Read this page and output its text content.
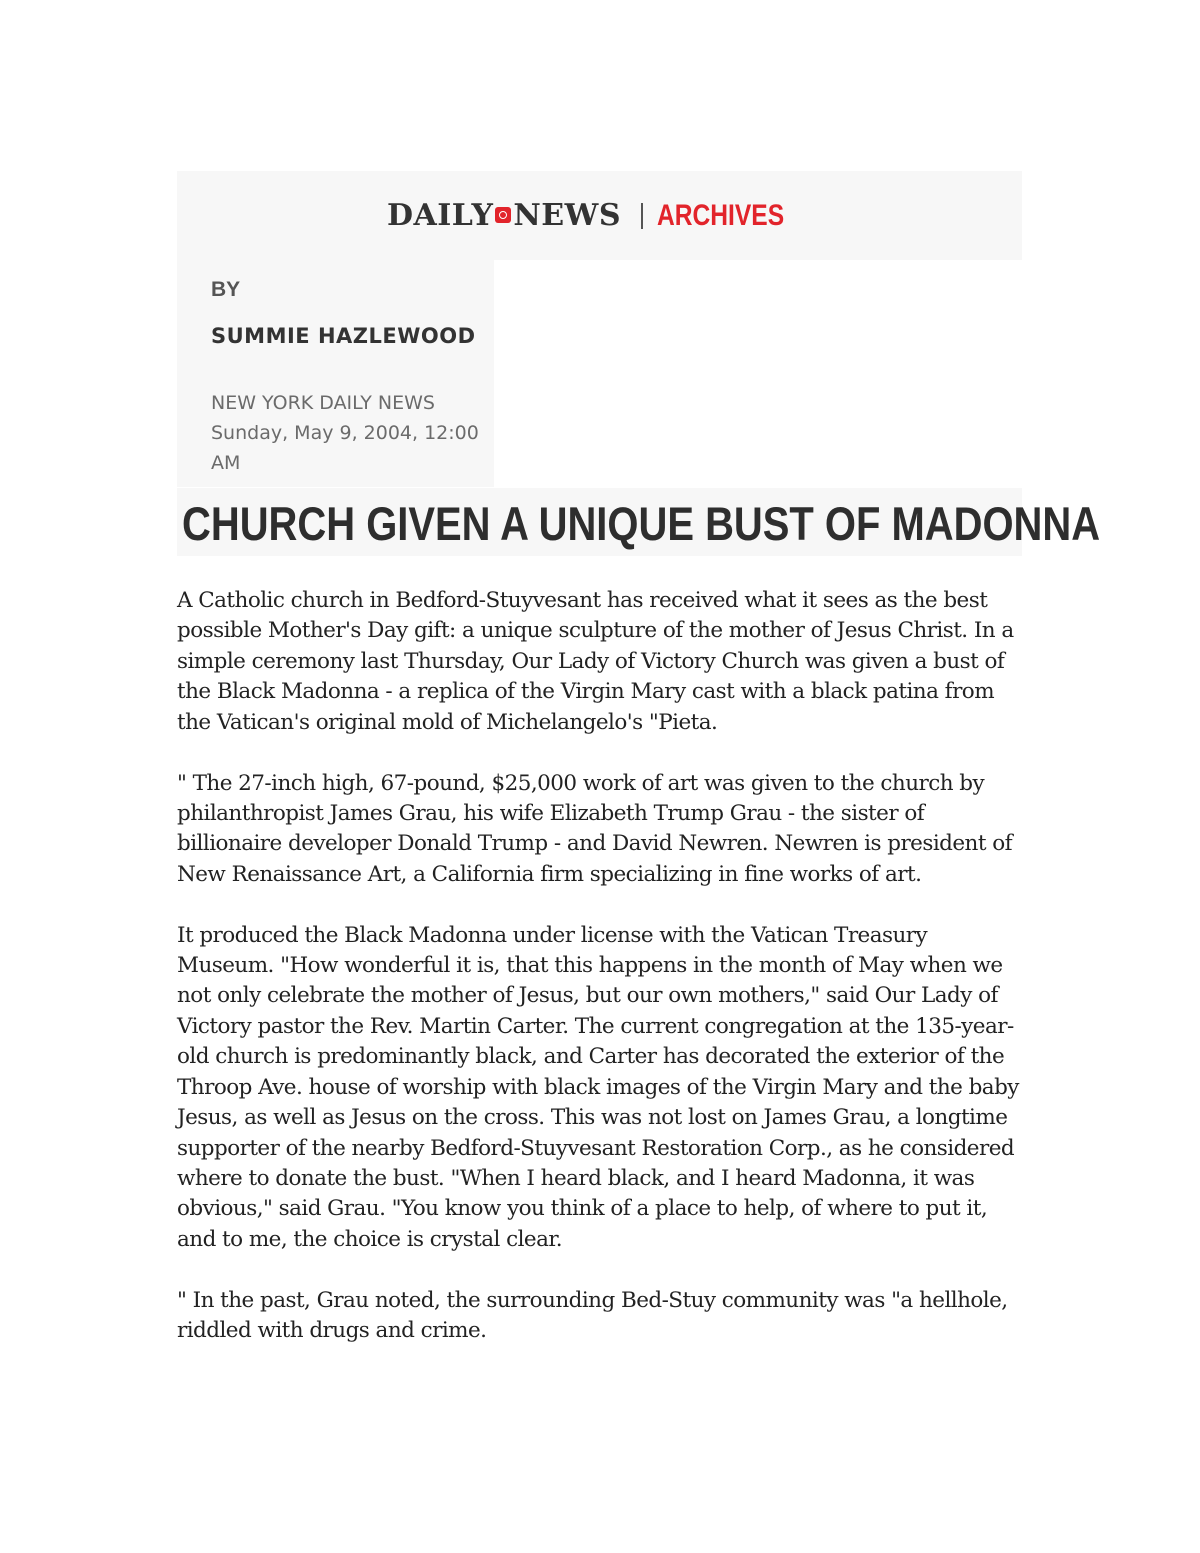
DAILY NEWS ARCHIVES
BY
SUMMIE HAZLEWOOD
NEW YORK DAILY NEWS
Sunday, May 9, 2004, 12:00 AM
CHURCH GIVEN A UNIQUE BUST OF MADONNA

A Catholic church in Bedford-Stuyvesant has received what it sees as the best possible Mother's Day gift: a unique sculpture of the mother of Jesus Christ. In a simple ceremony last Thursday, Our Lady of Victory Church was given a bust of the Black Madonna - a replica of the Virgin Mary cast with a black patina from the Vatican's original mold of Michelangelo's "Pieta.

" The 27-inch high, 67-pound, $25,000 work of art was given to the church by philanthropist James Grau, his wife Elizabeth Trump Grau - the sister of billionaire developer Donald Trump - and David Newren. Newren is president of New Renaissance Art, a California firm specializing in fine works of art.

It produced the Black Madonna under license with the Vatican Treasury Museum. "How wonderful it is, that this happens in the month of May when we not only celebrate the mother of Jesus, but our own mothers," said Our Lady of Victory pastor the Rev. Martin Carter. The current congregation at the 135-year-old church is predominantly black, and Carter has decorated the exterior of the Throop Ave. house of worship with black images of the Virgin Mary and the baby Jesus, as well as Jesus on the cross. This was not lost on James Grau, a longtime supporter of the nearby Bedford-Stuyvesant Restoration Corp., as he considered where to donate the bust. "When I heard black, and I heard Madonna, it was obvious," said Grau. "You know you think of a place to help, of where to put it, and to me, the choice is crystal clear.

" In the past, Grau noted, the surrounding Bed-Stuy community was "a hellhole, riddled with drugs and crime.
